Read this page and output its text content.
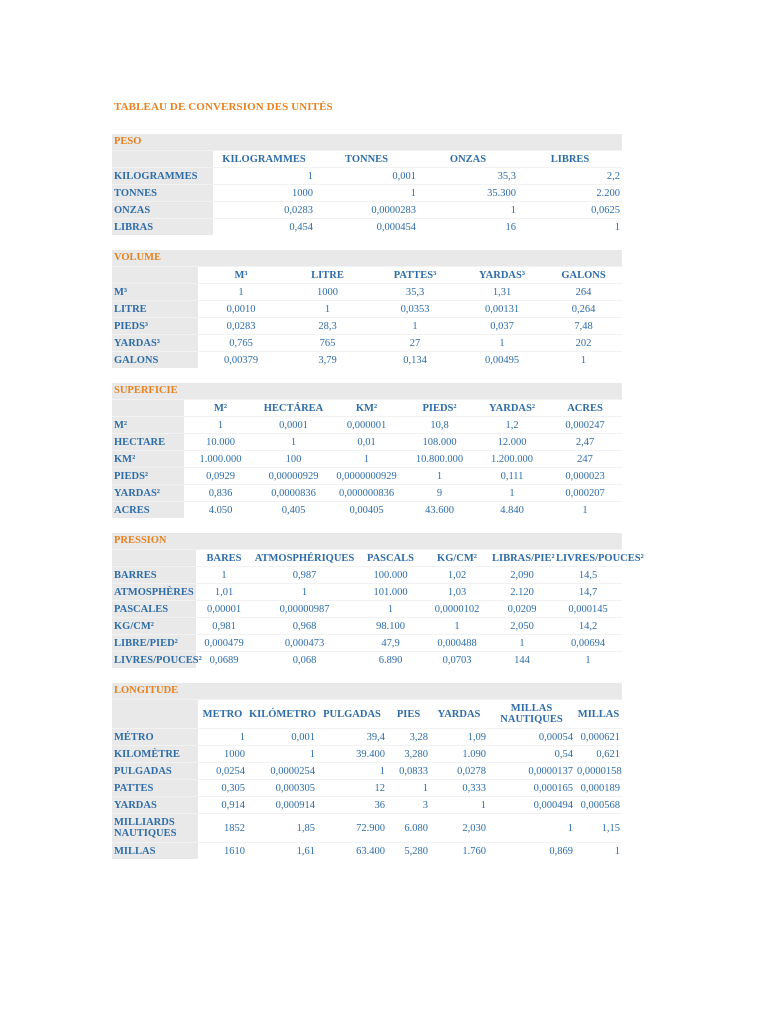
TABLEAU DE CONVERSION DES UNITÉS
PESO
	KILOGRAMMES	TONNES	ONZAS	LIBRES
KILOGRAMMES	1	0,001	35,3	2,2
TONNES	1000	1	35.300	2.200
ONZAS	0,0283	0,0000283	1	0,0625
LIBRAS	0,454	0,000454	16	1
VOLUME
	M³	LITRE	PATTES³	YARDAS³	GALONS
M³	1	1000	35,3	1,31	264
LITRE	0,0010	1	0,0353	0,00131	0,264
PIEDS³	0,0283	28,3	1	0,037	7,48
YARDAS³	0,765	765	27	1	202
GALONS	0,00379	3,79	0,134	0,00495	1
SUPERFICIE
	M²	HECTÁREA	KM²	PIEDS²	YARDAS²	ACRES
M²	1	0,0001	0,000001	10,8	1,2	0,000247
HECTARE	10.000	1	0,01	108.000	12.000	2,47
KM²	1.000.000	100	1	10.800.000	1.200.000	247
PIEDS²	0,0929	0,00000929	0,0000000929	1	0,111	0,000023
YARDAS²	0,836	0,0000836	0,000000836	9	1	0,000207
ACRES	4.050	0,405	0,00405	43.600	4.840	1
PRESSION
	BARES	ATMOSPHÉRIQUES	PASCALS	KG/CM²	LIBRAS/PIE²	LIVRES/POUCES²
BARRES	1	0,987	100.000	1,02	2,090	14,5
ATMOSPHÈRES	1,01	1	101.000	1,03	2.120	14,7
PASCALES	0,00001	0,00000987	1	0,0000102	0,0209	0,000145
KG/CM²	0,981	0,968	98.100	1	2,050	14,2
LIBRE/PIED²	0,000479	0,000473	47,9	0,000488	1	0,00694
LIVRES/POUCES²	0,0689	0,068	6.890	0,0703	144	1
LONGITUDE
	METRO	KILÓMETRO	PULGADAS	PIES	YARDAS	MILLAS NAUTIQUES	MILLAS
MÉTRO	1	0,001	39,4	3,28	1,09	0,00054	0,000621
KILOMÈTRE	1000	1	39.400	3,280	1.090	0,54	0,621
PULGADAS	0,0254	0,0000254	1	0,0833	0,0278	0,0000137	0,0000158
PATTES	0,305	0,000305	12	1	0,333	0,000165	0,000189
YARDAS	0,914	0,000914	36	3	1	0,000494	0,000568
MILLIARDS NAUTIQUES	1852	1,85	72.900	6.080	2,030	1	1,15
MILLAS	1610	1,61	63.400	5,280	1.760	0,869	1
